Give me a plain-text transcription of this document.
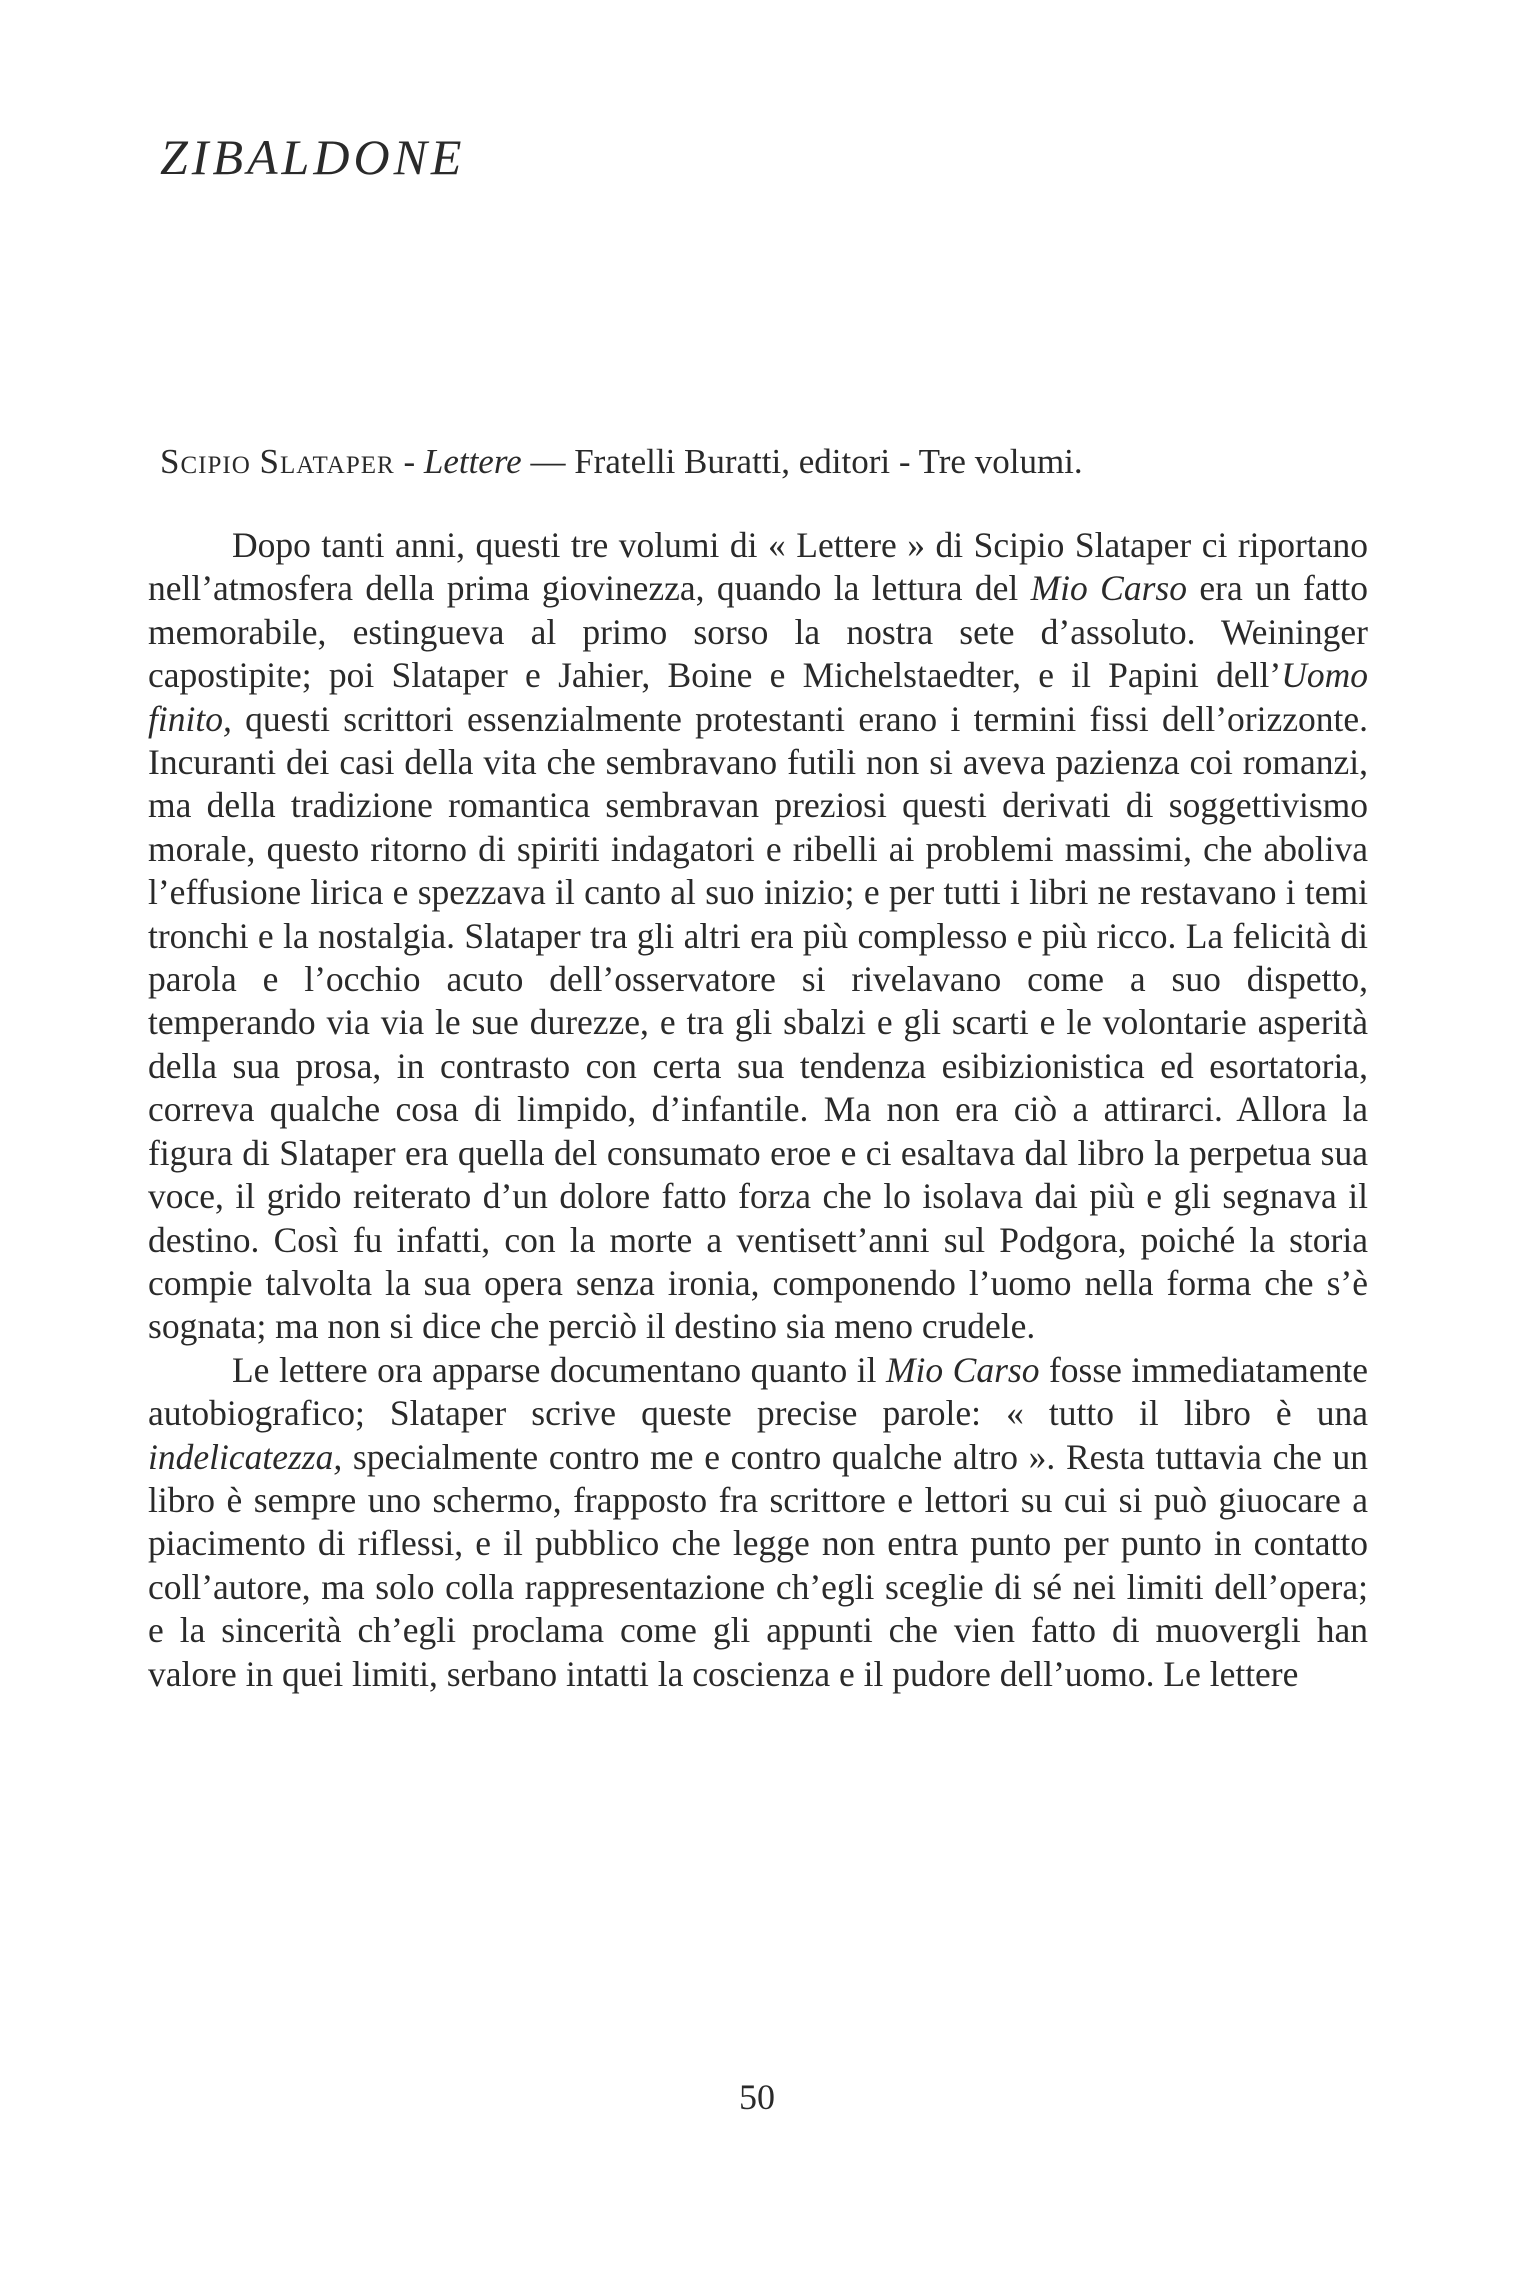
ZIBALDONE
Scipio Slataper - Lettere — Fratelli Buratti, editori - Tre volumi.

Dopo tanti anni, questi tre volumi di « Lettere » di Scipio Slataper ci riportano nell’atmosfera della prima giovinezza, quando la lettura del Mio Carso era un fatto memorabile, estingueva al primo sorso la nostra sete d’assoluto. Weininger capostipite; poi Slataper e Jahier, Boine e Michelstaedter, e il Papini dell’Uomo finito, questi scrittori essenzialmente protestanti erano i termini fissi dell’orizzonte. Incuranti dei casi della vita che sembravano futili non si aveva pazienza coi romanzi, ma della tradizione romantica sembravan preziosi questi derivati di soggettivismo morale, questo ritorno di spiriti indagatori e ribelli ai problemi massimi, che aboliva l’effusione lirica e spezzava il canto al suo inizio; e per tutti i libri ne restavano i temi tronchi e la nostalgia. Slataper tra gli altri era più complesso e più ricco. La felicità di parola e l’occhio acuto dell’osservatore si rivelavano come a suo dispetto, temperando via via le sue durezze, e tra gli sbalzi e gli scarti e le volontarie asperità della sua prosa, in contrasto con certa sua tendenza esibizionistica ed esortatoria, correva qualche cosa di limpido, d’infantile. Ma non era ciò a attirarci. Allora la figura di Slataper era quella del consumato eroe e ci esaltava dal libro la perpetua sua voce, il grido reiterato d’un dolore fatto forza che lo isolava dai più e gli segnava il destino. Così fu infatti, con la morte a ventisett’anni sul Podgora, poiché la storia compie talvolta la sua opera senza ironia, componendo l’uomo nella forma che s’è sognata; ma non si dice che perciò il destino sia meno crudele.

Le lettere ora apparse documentano quanto il Mio Carso fosse immediatamente autobiografico; Slataper scrive queste precise parole: « tutto il libro è una indelicatezza, specialmente contro me e contro qualche altro ». Resta tuttavia che un libro è sempre uno schermo, frapposto fra scrittore e lettori su cui si può giuocare a piacimento di riflessi, e il pubblico che legge non entra punto per punto in contatto coll’autore, ma solo colla rappresentazione ch’egli sceglie di sé nei limiti dell’opera; e la sincerità ch’egli proclama come gli appunti che vien fatto di muovergli han valore in quei limiti, serbano intatti la coscienza e il pudore dell’uomo. Le lettere

50
